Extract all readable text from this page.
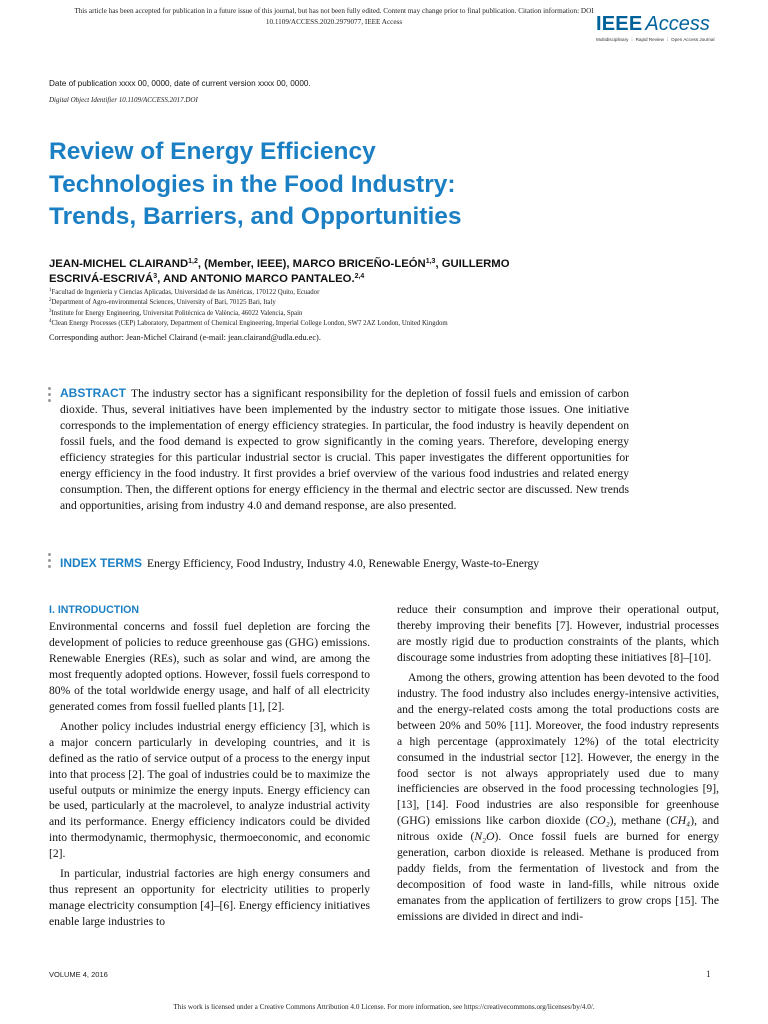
This article has been accepted for publication in a future issue of this journal, but has not been fully edited. Content may change prior to final publication. Citation information: DOI
10.1109/ACCESS.2020.2979077, IEEE Access	IEEE Access
Multidisciplinary ⋮ Rapid Review ⋮ Open Access Journal
Date of publication xxxx 00, 0000, date of current version xxxx 00, 0000.
Digital Object Identifier 10.1109/ACCESS.2017.DOI
Review of Energy Efficiency
Technologies in the Food Industry:
Trends, Barriers, and Opportunities
JEAN-MICHEL CLAIRAND$^{1,2}$, (Member, IEEE), MARCO BRICEÑO-LEÓN$^{1,3}$, GUILLERMO
ESCRIVÁ-ESCRIVÁ$^3$, AND ANTONIO MARCO PANTALEO.$^{2,4}$
$^1$Facultad de Ingeniería y Ciencias Aplicadas, Universidad de las Américas, 170122 Quito, Ecuador
$^2$Department of Agro-environmental Sciences, University of Bari, 70125 Bari, Italy
$^3$Institute for Energy Engineering, Universitat Politècnica de València, 46022 Valencia, Spain
$^4$Clean Energy Processes (CEP) Laboratory, Department of Chemical Engineering, Imperial College London, SW7 2AZ London, United Kingdom
Corresponding author: Jean-Michel Clairand (e-mail: jean.clairand@udla.edu.ec).
ABSTRACT The industry sector has a significant responsibility for the depletion of fossil fuels and emission of carbon dioxide. Thus, several initiatives have been implemented by the industry sector to mitigate those issues. One initiative corresponds to the implementation of energy efficiency strategies. In particular, the food industry is heavily dependent on fossil fuels, and the food demand is expected to grow significantly in the coming years. Therefore, developing energy efficiency strategies for this particular industrial sector is crucial. This paper investigates the different opportunities for energy efficiency in the food industry. It first provides a brief overview of the various food industries and related energy consumption. Then, the different options for energy efficiency in the thermal and electric sector are discussed. New trends and opportunities, arising from industry 4.0 and demand response, are also presented.
INDEX TERMS Energy Efficiency, Food Industry, Industry 4.0, Renewable Energy, Waste-to-Energy
I. INTRODUCTION

Environmental concerns and fossil fuel depletion are forcing the development of policies to reduce greenhouse gas (GHG) emissions. Renewable Energies (REs), such as solar and wind, are among the most frequently adopted options. However, fossil fuels correspond to 80% of the total worldwide energy usage, and half of all electricity generated comes from fossil fuelled plants [1], [2].

Another policy includes industrial energy efficiency [3], which is a major concern particularly in developing countries, and it is defined as the ratio of service output of a process to the energy input into that process [2]. The goal of industries could be to maximize the useful outputs or minimize the energy inputs. Energy efficiency can be used, particularly at the macrolevel, to analyze industrial activity and its performance. Energy efficiency indicators could be divided into thermodynamic, thermophysic, thermoeconomic, and economic [2].

In particular, industrial factories are high energy consumers and thus represent an opportunity for electricity utilities to properly manage electricity consumption [4]–[6]. Energy efficiency initiatives enable large industries to

reduce their consumption and improve their operational output, thereby improving their benefits [7]. However, industrial processes are mostly rigid due to production constraints of the plants, which discourage some industries from adopting these initiatives [8]–[10].

Among the others, growing attention has been devoted to the food industry. The food industry also includes energy-intensive activities, and the energy-related costs among the total productions costs are between 20% and 50% [11]. Moreover, the food industry represents a high percentage (approximately 12%) of the total electricity consumed in the industrial sector [12]. However, the energy in the food sector is not always appropriately used due to many inefficiencies are observed in the food processing technologies [9], [13], [14]. Food industries are also responsible for greenhouse (GHG) emissions like carbon dioxide (CO₂), methane (CH₄), and nitrous oxide (N₂O). Once fossil fuels are burned for energy generation, carbon dioxide is released. Methane is produced from paddy fields, from the fermentation of livestock and from the decomposition of food waste in land-fills, while nitrous oxide emanates from the application of fertilizers to grow crops [15]. The emissions are divided in direct and indi-

VOLUME 4, 2016	1
This work is licensed under a Creative Commons Attribution 4.0 License. For more information, see https://creativecommons.org/licenses/by/4.0/.
